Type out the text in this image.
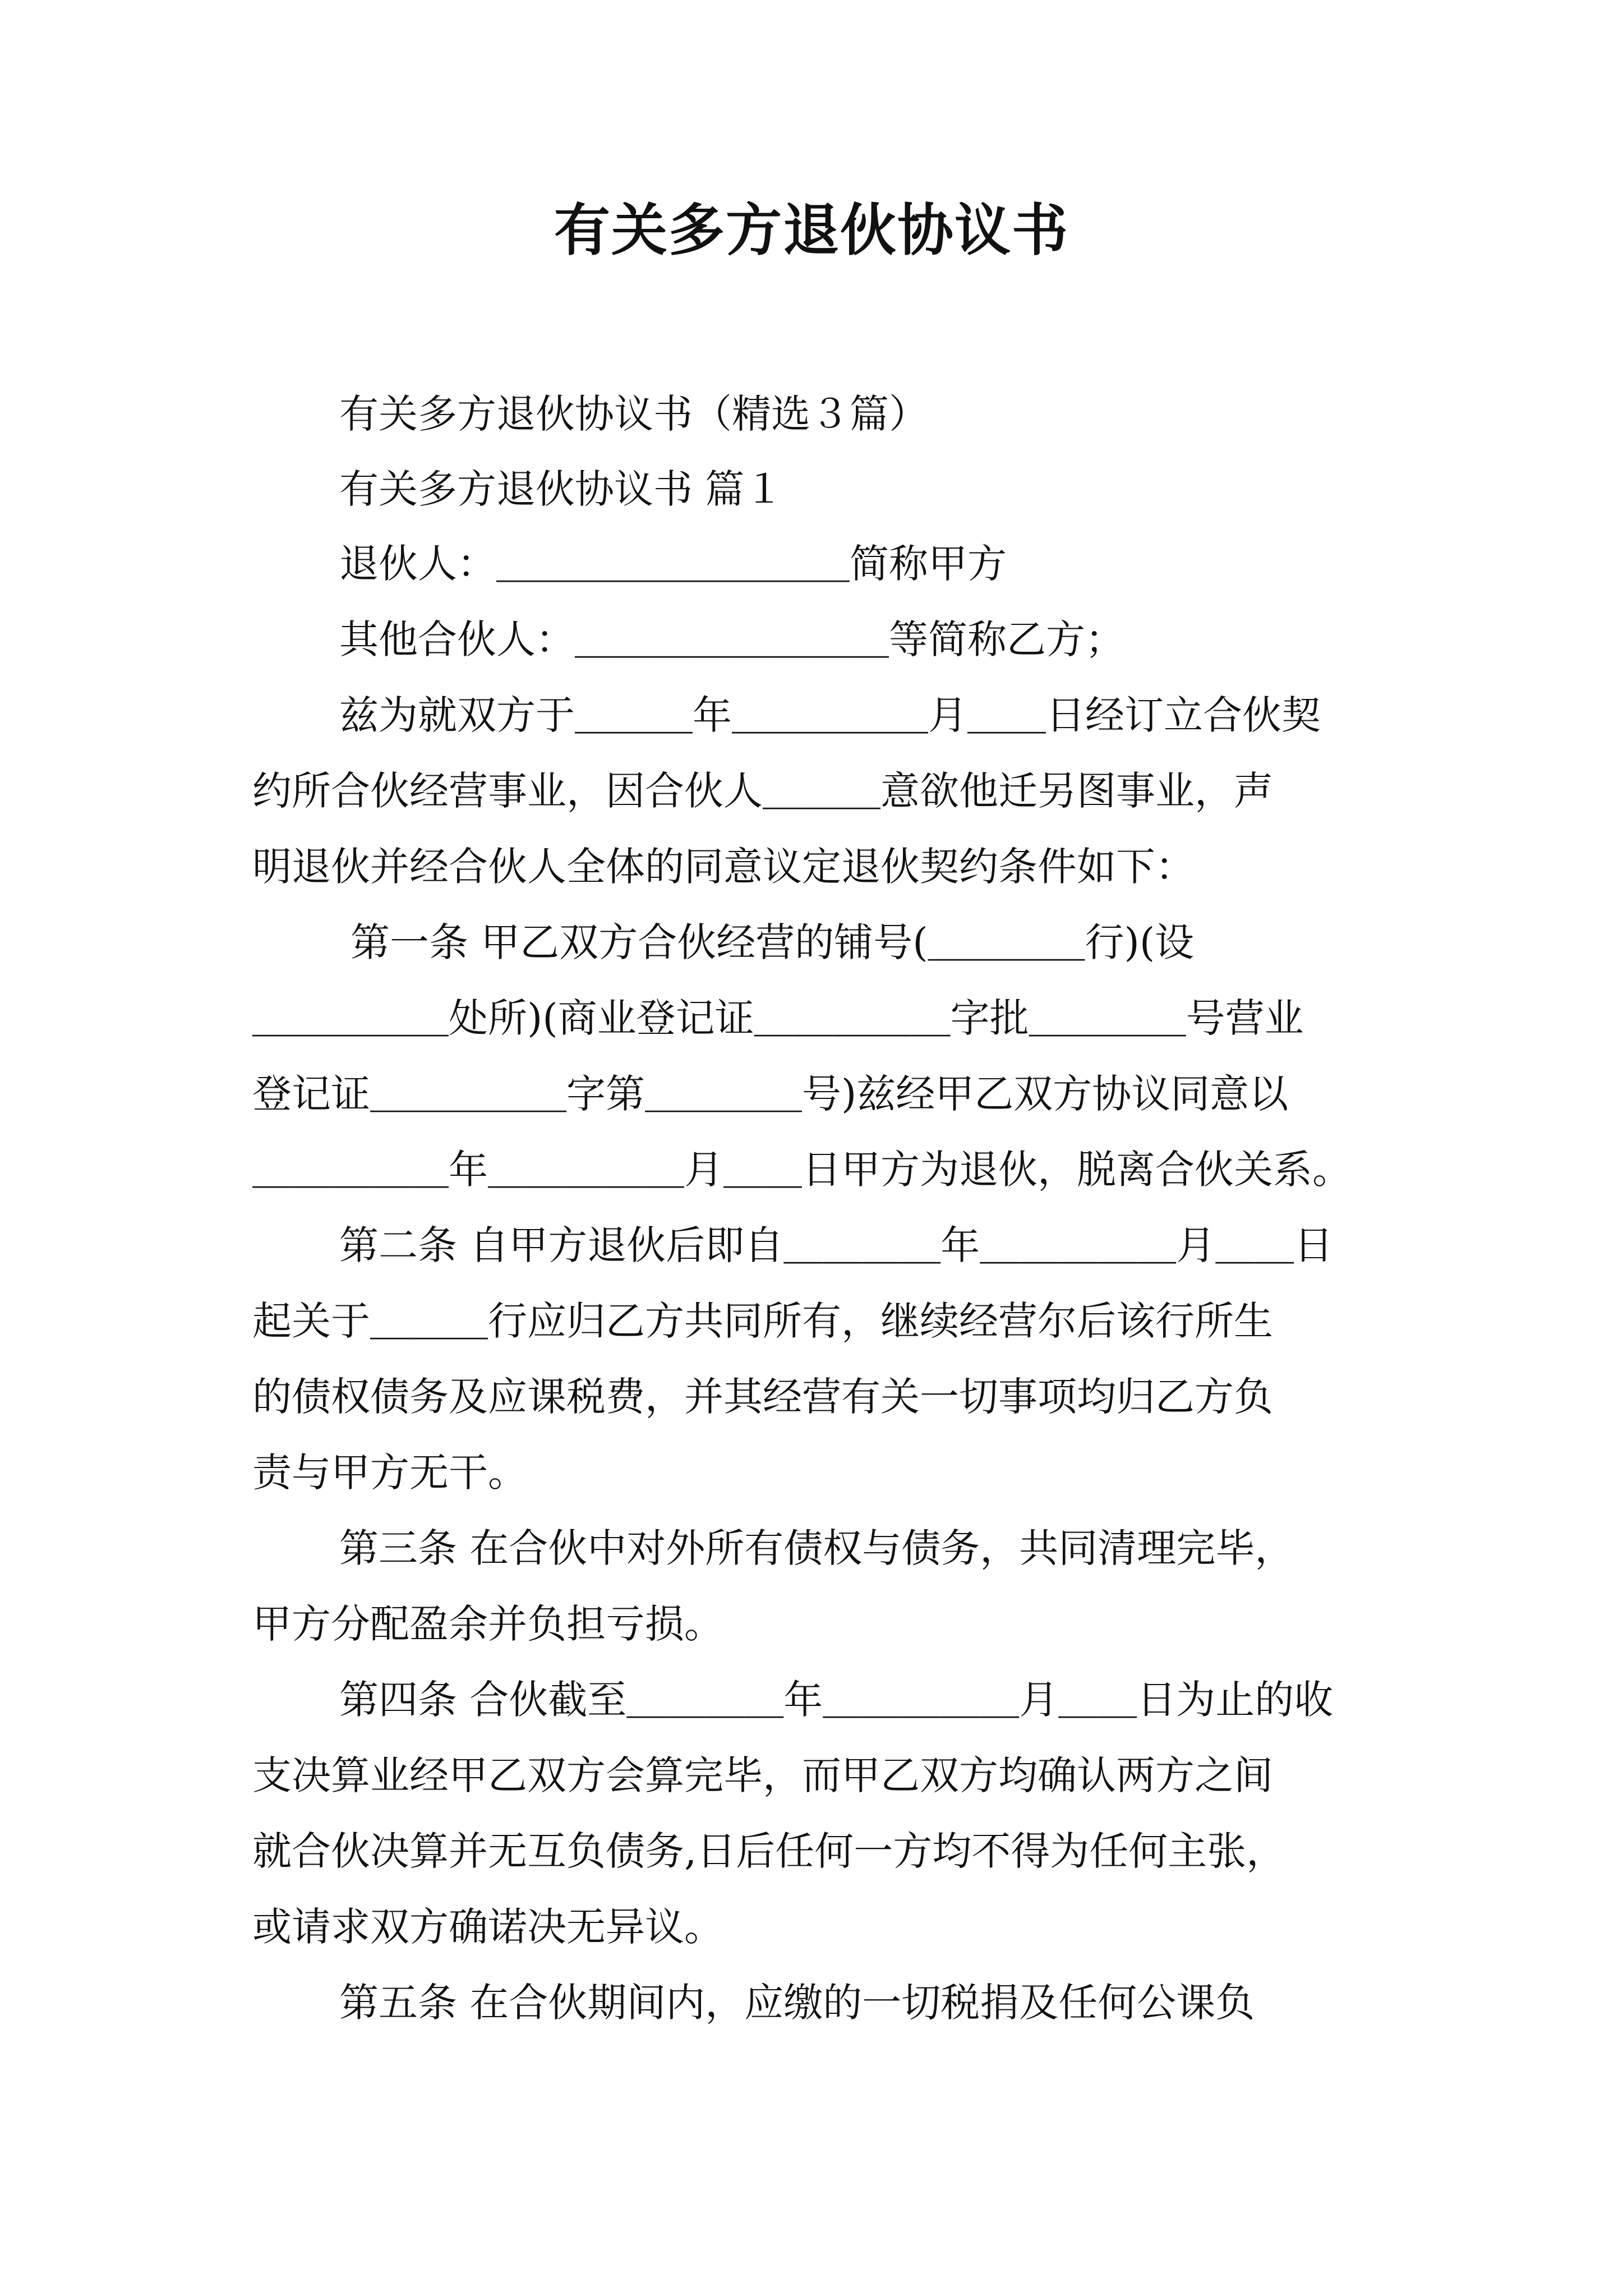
有关多方退伙协议书
有关多方退伙协议书（精选３篇）
有关多方退伙协议书 篇１
退伙人：＿＿＿＿＿＿＿＿＿简称甲方
其他合伙人：＿＿＿＿＿＿＿＿等简称乙方；
兹为就双方于＿＿＿年＿＿＿＿＿月＿＿日经订立合伙契
约所合伙经营事业，因合伙人＿＿＿意欲他迁另图事业，声
明退伙并经合伙人全体的同意议定退伙契约条件如下：
第一条 甲乙双方合伙经营的铺号(＿＿＿＿行)(设
＿＿＿＿＿处所)(商业登记证＿＿＿＿＿字批＿＿＿＿号营业
登记证＿＿＿＿＿字第＿＿＿＿号)兹经甲乙双方协议同意以
＿＿＿＿＿年＿＿＿＿＿月＿＿日甲方为退伙，脱离合伙关系。
第二条 自甲方退伙后即自＿＿＿＿年＿＿＿＿＿月＿＿日
起关于＿＿＿行应归乙方共同所有，继续经营尔后该行所生
的债权债务及应课税费，并其经营有关一切事项均归乙方负
责与甲方无干。
第三条 在合伙中对外所有债权与债务，共同清理完毕，
甲方分配盈余并负担亏损。
第四条 合伙截至＿＿＿＿年＿＿＿＿＿月＿＿日为止的收
支决算业经甲乙双方会算完毕，而甲乙双方均确认两方之间
就合伙决算并无互负债务,日后任何一方均不得为任何主张，
或请求双方确诺决无异议。
第五条 在合伙期间内，应缴的一切税捐及任何公课负
